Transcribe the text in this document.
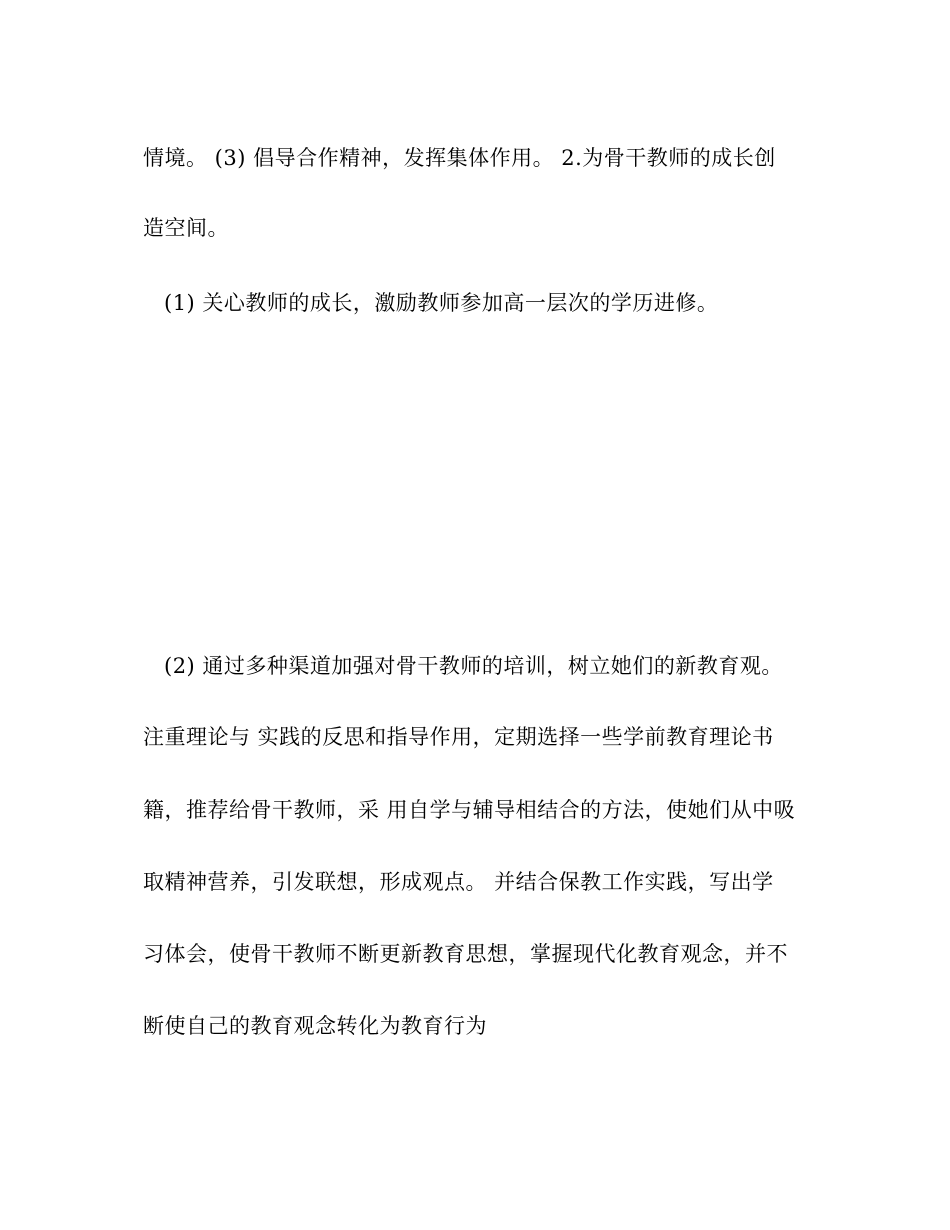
情境。 (3) 倡导合作精神，发挥集体作用。 2.为骨干教师的成长创
造空间。
(1) 关心教师的成长，激励教师参加高一层次的学历进修。
(2) 通过多种渠道加强对骨干教师的培训，树立她们的新教育观。
注重理论与 实践的反思和指导作用，定期选择一些学前教育理论书
籍，推荐给骨干教师，采 用自学与辅导相结合的方法，使她们从中吸
取精神营养，引发联想，形成观点。 并结合保教工作实践，写出学
习体会，使骨干教师不断更新教育思想，掌握现代化教育观念，并不
断使自己的教育观念转化为教育行为
